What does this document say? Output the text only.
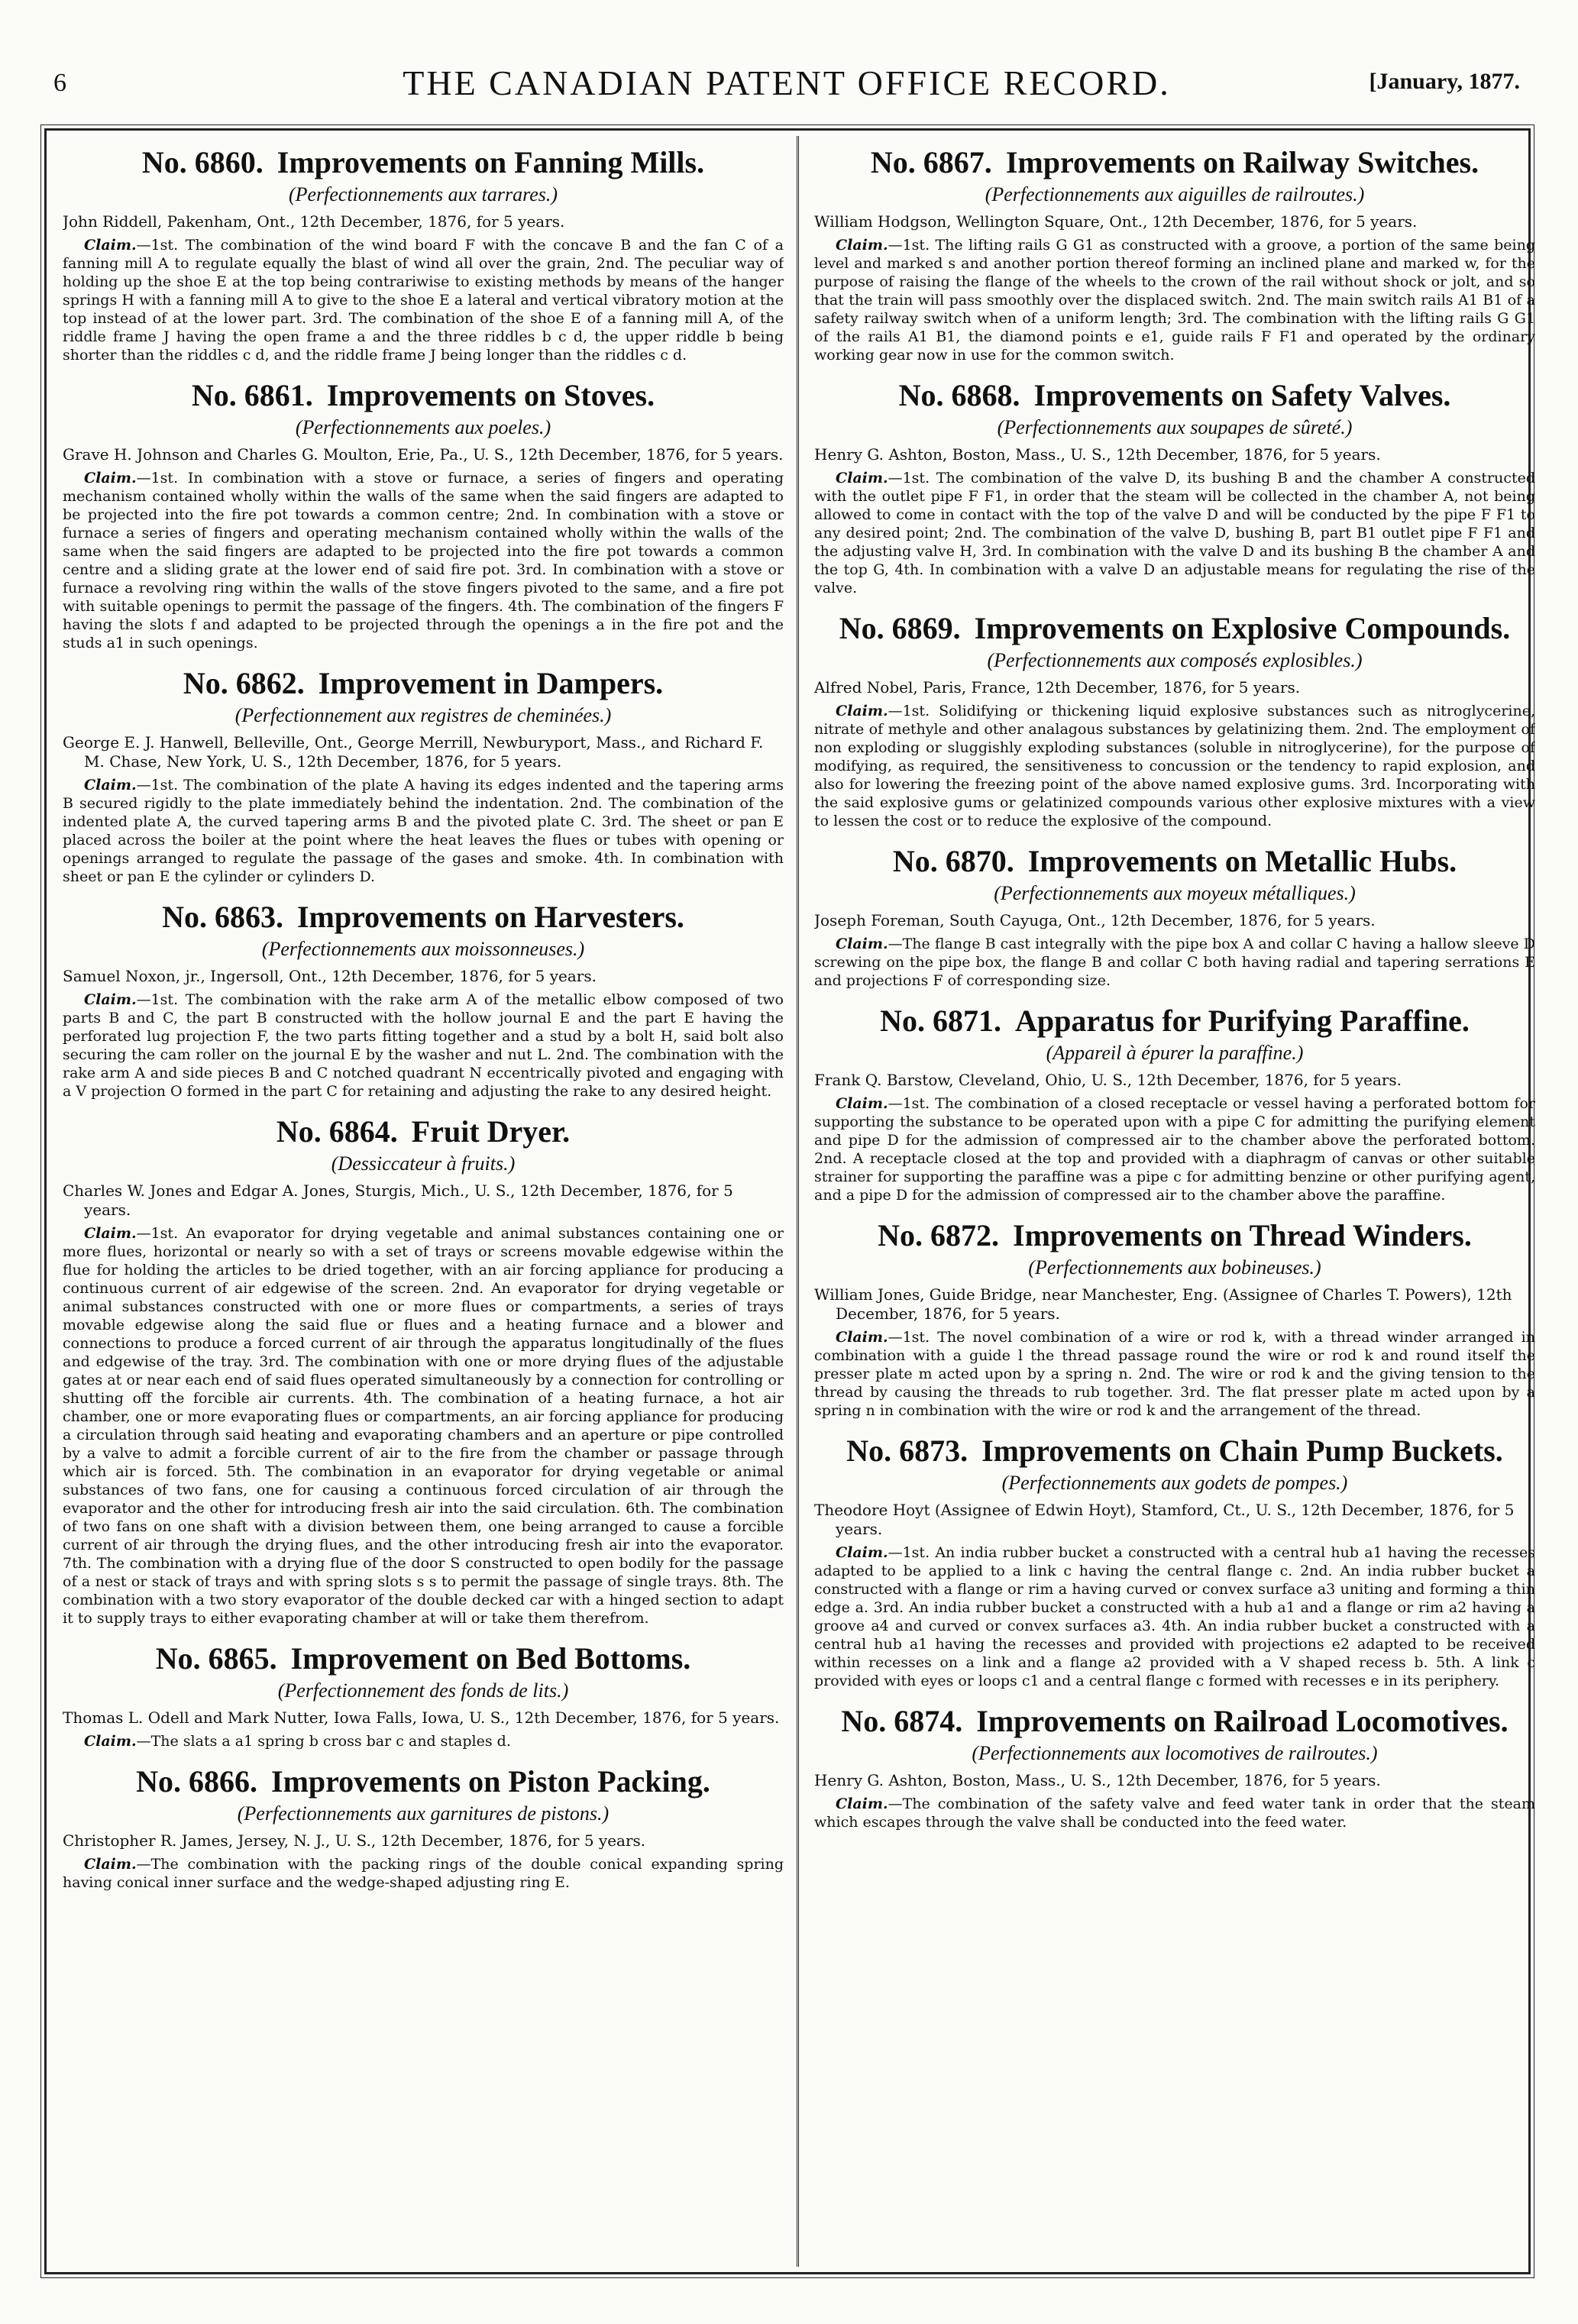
6	THE CANADIAN PATENT OFFICE RECORD.	[January, 1877.
No. 6860. Improvements on Fanning Mills.
(Perfectionnements aux tarrares.)

John Riddell, Pakenham, Ont., 12th December, 1876, for 5 years.

Claim.—1st. The combination of the wind board F with the concave B and the fan C of a fanning mill A to regulate equally the blast of wind all over the grain, 2nd. The peculiar way of holding up the shoe E at the top being contrariwise to existing methods by means of the hanger springs H with a fanning mill A to give to the shoe E a lateral and vertical vibratory motion at the top instead of at the lower part. 3rd. The combination of the shoe E of a fanning mill A, of the riddle frame J having the open frame a and the three riddles b c d, the upper riddle b being shorter than the riddles c d, and the riddle frame J being longer than the riddles c d.

No. 6861. Improvements on Stoves.
(Perfectionnements aux poeles.)

Grave H. Johnson and Charles G. Moulton, Erie, Pa., U. S., 12th December, 1876, for 5 years.

Claim.—1st. In combination with a stove or furnace, a series of fingers and operating mechanism contained wholly within the walls of the same when the said fingers are adapted to be projected into the fire pot towards a common centre; 2nd. In combination with a stove or furnace a series of fingers and operating mechanism contained wholly within the walls of the same when the said fingers are adapted to be projected into the fire pot towards a common centre and a sliding grate at the lower end of said fire pot. 3rd. In combination with a stove or furnace a revolving ring within the walls of the stove fingers pivoted to the same, and a fire pot with suitable openings to permit the passage of the fingers. 4th. The combination of the fingers F having the slots f and adapted to be projected through the openings a in the fire pot and the studs a1 in such openings.

No. 6862. Improvement in Dampers.
(Perfectionnement aux registres de cheminées.)

George E. J. Hanwell, Belleville, Ont., George Merrill, Newburyport, Mass., and Richard F. M. Chase, New York, U. S., 12th December, 1876, for 5 years.

Claim.—1st. The combination of the plate A having its edges indented and the tapering arms B secured rigidly to the plate immediately behind the indentation. 2nd. The combination of the indented plate A, the curved tapering arms B and the pivoted plate C. 3rd. The sheet or pan E placed across the boiler at the point where the heat leaves the flues or tubes with opening or openings arranged to regulate the passage of the gases and smoke. 4th. In combination with sheet or pan E the cylinder or cylinders D.

No. 6863. Improvements on Harvesters.
(Perfectionnements aux moissonneuses.)

Samuel Noxon, jr., Ingersoll, Ont., 12th December, 1876, for 5 years.

Claim.—1st. The combination with the rake arm A of the metallic elbow composed of two parts B and C, the part B constructed with the hollow journal E and the part E having the perforated lug projection F, the two parts fitting together and a stud by a bolt H, said bolt also securing the cam roller on the journal E by the washer and nut L. 2nd. The combination with the rake arm A and side pieces B and C notched quadrant N eccentrically pivoted and engaging with a V projection O formed in the part C for retaining and adjusting the rake to any desired height.

No. 6864. Fruit Dryer.
(Dessiccateur à fruits.)

Charles W. Jones and Edgar A. Jones, Sturgis, Mich., U. S., 12th December, 1876, for 5 years.

Claim.—1st. An evaporator for drying vegetable and animal substances containing one or more flues, horizontal or nearly so with a set of trays or screens movable edgewise within the flue for holding the articles to be dried together, with an air forcing appliance for producing a continuous current of air edgewise of the screen. 2nd. An evaporator for drying vegetable or animal substances constructed with one or more flues or compartments, a series of trays movable edgewise along the said flue or flues and a heating furnace and a blower and connections to produce a forced current of air through the apparatus longitudinally of the flues and edgewise of the tray. 3rd. The combination with one or more drying flues of the adjustable gates at or near each end of said flues operated simultaneously by a connection for controlling or shutting off the forcible air currents. 4th. The combination of a heating furnace, a hot air chamber, one or more evaporating flues or compartments, an air forcing appliance for producing a circulation through said heating and evaporating chambers and an aperture or pipe controlled by a valve to admit a forcible current of air to the fire from the chamber or passage through which air is forced. 5th. The combination in an evaporator for drying vegetable or animal substances of two fans, one for causing a continuous forced circulation of air through the evaporator and the other for introducing fresh air into the said circulation. 6th. The combination of two fans on one shaft with a division between them, one being arranged to cause a forcible current of air through the drying flues, and the other introducing fresh air into the evaporator. 7th. The combination with a drying flue of the door S constructed to open bodily for the passage of a nest or stack of trays and with spring slots s s to permit the passage of single trays. 8th. The combination with a two story evaporator of the double decked car with a hinged section to adapt it to supply trays to either evaporating chamber at will or take them therefrom.

No. 6865. Improvement on Bed Bottoms.
(Perfectionnement des fonds de lits.)

Thomas L. Odell and Mark Nutter, Iowa Falls, Iowa, U. S., 12th December, 1876, for 5 years.

Claim.—The slats a a1 spring b cross bar c and staples d.

No. 6866. Improvements on Piston Packing.
(Perfectionnements aux garnitures de pistons.)

Christopher R. James, Jersey, N. J., U. S., 12th December, 1876, for 5 years.

Claim.—The combination with the packing rings of the double conical expanding spring having conical inner surface and the wedge-shaped adjusting ring E.

No. 6867. Improvements on Railway Switches.
(Perfectionnements aux aiguilles de railroutes.)

William Hodgson, Wellington Square, Ont., 12th December, 1876, for 5 years.

Claim.—1st. The lifting rails G G1 as constructed with a groove, a portion of the same being level and marked s and another portion thereof forming an inclined plane and marked w, for the purpose of raising the flange of the wheels to the crown of the rail without shock or jolt, and so that the train will pass smoothly over the displaced switch. 2nd. The main switch rails A1 B1 of a safety railway switch when of a uniform length; 3rd. The combination with the lifting rails G G1 of the rails A1 B1, the diamond points e e1, guide rails F F1 and operated by the ordinary working gear now in use for the common switch.

No. 6868. Improvements on Safety Valves.
(Perfectionnements aux soupapes de sûreté.)

Henry G. Ashton, Boston, Mass., U. S., 12th December, 1876, for 5 years.

Claim.—1st. The combination of the valve D, its bushing B and the chamber A constructed with the outlet pipe F F1, in order that the steam will be collected in the chamber A, not being allowed to come in contact with the top of the valve D and will be conducted by the pipe F F1 to any desired point; 2nd. The combination of the valve D, bushing B, part B1 outlet pipe F F1 and the adjusting valve H, 3rd. In combination with the valve D and its bushing B the chamber A and the top G, 4th. In combination with a valve D an adjustable means for regulating the rise of the valve.

No. 6869. Improvements on Explosive Compounds.
(Perfectionnements aux composés explosibles.)

Alfred Nobel, Paris, France, 12th December, 1876, for 5 years.

Claim.—1st. Solidifying or thickening liquid explosive substances such as nitroglycerine, nitrate of methyle and other analagous substances by gelatinizing them. 2nd. The employment of non exploding or sluggishly exploding substances (soluble in nitroglycerine), for the purpose of modifying, as required, the sensitiveness to concussion or the tendency to rapid explosion, and also for lowering the freezing point of the above named explosive gums. 3rd. Incorporating with the said explosive gums or gelatinized compounds various other explosive mixtures with a view to lessen the cost or to reduce the explosive of the compound.

No. 6870. Improvements on Metallic Hubs.
(Perfectionnements aux moyeux métalliques.)

Joseph Foreman, South Cayuga, Ont., 12th December, 1876, for 5 years.

Claim.—The flange B cast integrally with the pipe box A and collar C having a hallow sleeve D screwing on the pipe box, the flange B and collar C both having radial and tapering serrations E and projections F of corresponding size.

No. 6871. Apparatus for Purifying Paraffine.
(Appareil à épurer la paraffine.)

Frank Q. Barstow, Cleveland, Ohio, U. S., 12th December, 1876, for 5 years.

Claim.—1st. The combination of a closed receptacle or vessel having a perforated bottom for supporting the substance to be operated upon with a pipe C for admitting the purifying element and pipe D for the admission of compressed air to the chamber above the perforated bottom. 2nd. A receptacle closed at the top and provided with a diaphragm of canvas or other suitable strainer for supporting the paraffine was a pipe c for admitting benzine or other purifying agent, and a pipe D for the admission of compressed air to the chamber above the paraffine.

No. 6872. Improvements on Thread Winders.
(Perfectionnements aux bobineuses.)

William Jones, Guide Bridge, near Manchester, Eng. (Assignee of Charles T. Powers), 12th December, 1876, for 5 years.

Claim.—1st. The novel combination of a wire or rod k, with a thread winder arranged in combination with a guide l the thread passage round the wire or rod k and round itself the presser plate m acted upon by a spring n. 2nd. The wire or rod k and the giving tension to the thread by causing the threads to rub together. 3rd. The flat presser plate m acted upon by a spring n in combination with the wire or rod k and the arrangement of the thread.

No. 6873. Improvements on Chain Pump Buckets.
(Perfectionnements aux godets de pompes.)

Theodore Hoyt (Assignee of Edwin Hoyt), Stamford, Ct., U. S., 12th December, 1876, for 5 years.

Claim.—1st. An india rubber bucket a constructed with a central hub a1 having the recesses adapted to be applied to a link c having the central flange c. 2nd. An india rubber bucket a constructed with a flange or rim a having curved or convex surface a3 uniting and forming a thin edge a. 3rd. An india rubber bucket a constructed with a hub a1 and a flange or rim a2 having a groove a4 and curved or convex surfaces a3. 4th. An india rubber bucket a constructed with a central hub a1 having the recesses and provided with projections e2 adapted to be received within recesses on a link and a flange a2 provided with a V shaped recess b. 5th. A link c provided with eyes or loops c1 and a central flange c formed with recesses e in its periphery.

No. 6874. Improvements on Railroad Locomotives.
(Perfectionnements aux locomotives de railroutes.)

Henry G. Ashton, Boston, Mass., U. S., 12th December, 1876, for 5 years.

Claim.—The combination of the safety valve and feed water tank in order that the steam which escapes through the valve shall be conducted into the feed water.
